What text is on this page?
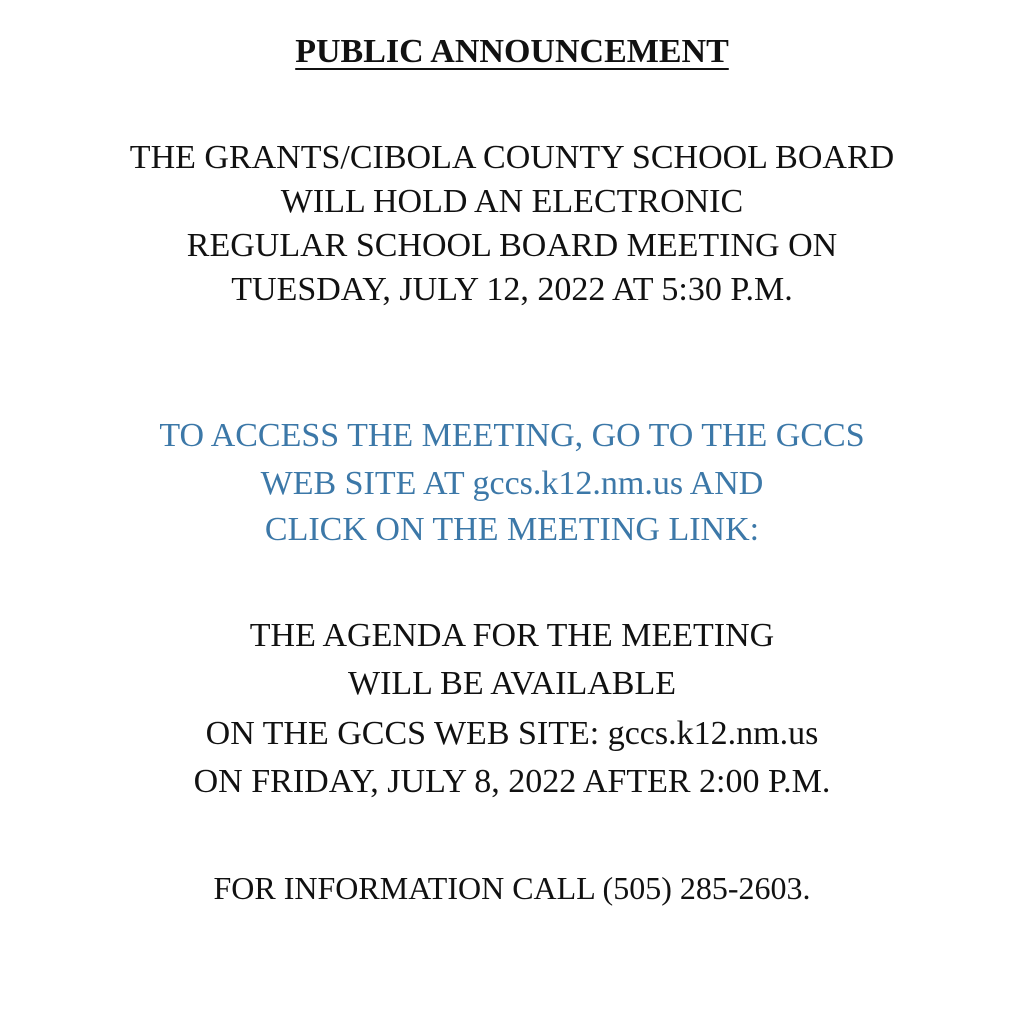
PUBLIC ANNOUNCEMENT
THE GRANTS/CIBOLA COUNTY SCHOOL BOARD
WILL HOLD AN ELECTRONIC
REGULAR SCHOOL BOARD MEETING ON
TUESDAY, JULY 12, 2022 AT 5:30 P.M.
TO ACCESS THE MEETING, GO TO THE GCCS
WEB SITE AT gccs.k12.nm.us AND
CLICK ON THE MEETING LINK:
THE AGENDA FOR THE MEETING
WILL BE AVAILABLE
ON THE GCCS WEB SITE: gccs.k12.nm.us
ON FRIDAY, JULY 8, 2022 AFTER 2:00 P.M.
FOR INFORMATION CALL (505) 285-2603.
